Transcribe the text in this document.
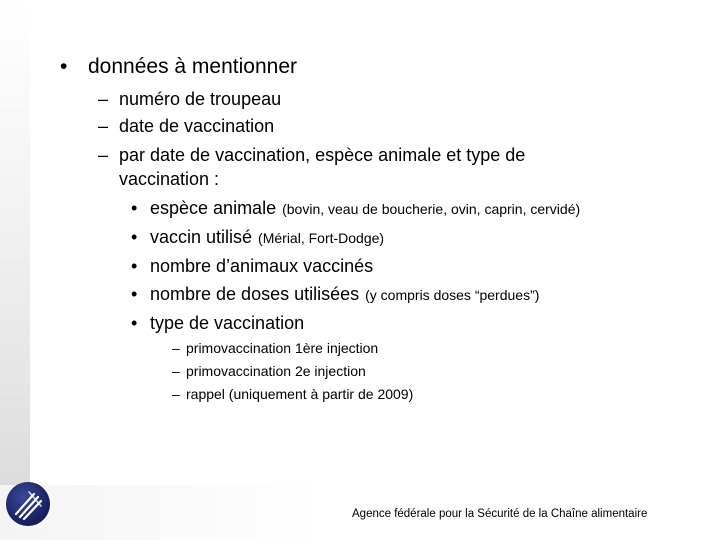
• données à mentionner
– numéro de troupeau
– date de vaccination
– par date de vaccination, espèce animale et type de
vaccination :
• espèce animale (bovin, veau de boucherie, ovin, caprin, cervidé)
• vaccin utilisé (Mérial, Fort-Dodge)
• nombre d’animaux vaccinés
• nombre de doses utilisées (y compris doses “perdues”)
• type de vaccination
– primovaccination 1ère injection
– primovaccination 2e injection
– rappel (uniquement à partir de 2009)
Agence fédérale pour la Sécurité de la Chaîne alimentaire
